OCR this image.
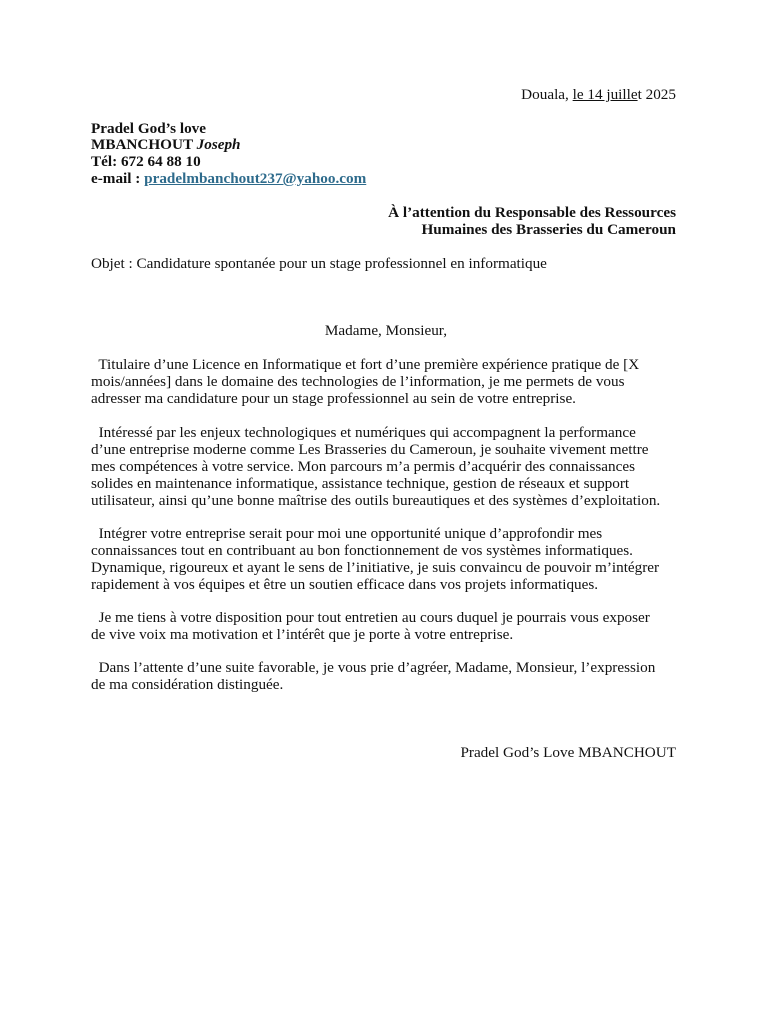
Douala, le 14 juillet 2025
Pradel God’s love
MBANCHOUT Joseph
Tél: 672 64 88 10
e-mail : pradelmbanchout237@yahoo.com
À l’attention du Responsable des Ressources
Humaines des Brasseries du Cameroun
Objet : Candidature spontanée pour un stage professionnel en informatique
Madame, Monsieur,
Titulaire d’une Licence en Informatique et fort d’une première expérience pratique de [X
mois/années] dans le domaine des technologies de l’information, je me permets de vous
adresser ma candidature pour un stage professionnel au sein de votre entreprise.
Intéressé par les enjeux technologiques et numériques qui accompagnent la performance
d’une entreprise moderne comme Les Brasseries du Cameroun, je souhaite vivement mettre
mes compétences à votre service. Mon parcours m’a permis d’acquérir des connaissances
solides en maintenance informatique, assistance technique, gestion de réseaux et support
utilisateur, ainsi qu’une bonne maîtrise des outils bureautiques et des systèmes d’exploitation.
Intégrer votre entreprise serait pour moi une opportunité unique d’approfondir mes
connaissances tout en contribuant au bon fonctionnement de vos systèmes informatiques.
Dynamique, rigoureux et ayant le sens de l’initiative, je suis convaincu de pouvoir m’intégrer
rapidement à vos équipes et être un soutien efficace dans vos projets informatiques.
Je me tiens à votre disposition pour tout entretien au cours duquel je pourrais vous exposer
de vive voix ma motivation et l’intérêt que je porte à votre entreprise.
Dans l’attente d’une suite favorable, je vous prie d’agréer, Madame, Monsieur, l’expression
de ma considération distinguée.
Pradel God’s Love MBANCHOUT
